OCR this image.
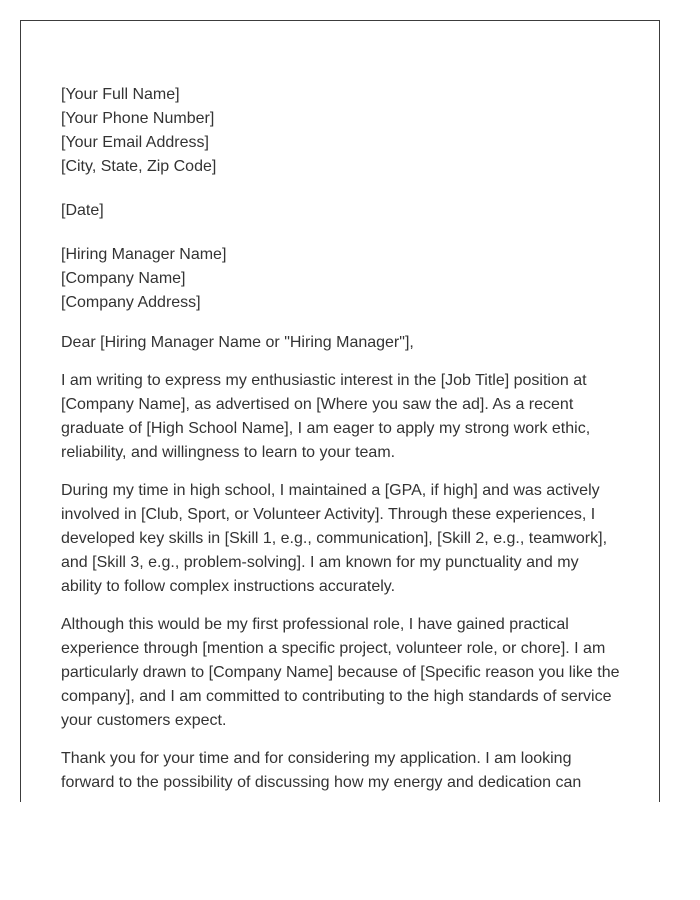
[Your Full Name]
[Your Phone Number]
[Your Email Address]
[City, State, Zip Code]
[Date]
[Hiring Manager Name]
[Company Name]
[Company Address]
Dear [Hiring Manager Name or "Hiring Manager"],
I am writing to express my enthusiastic interest in the [Job Title] position at
[Company Name], as advertised on [Where you saw the ad]. As a recent
graduate of [High School Name], I am eager to apply my strong work ethic,
reliability, and willingness to learn to your team.
During my time in high school, I maintained a [GPA, if high] and was actively
involved in [Club, Sport, or Volunteer Activity]. Through these experiences, I
developed key skills in [Skill 1, e.g., communication], [Skill 2, e.g., teamwork],
and [Skill 3, e.g., problem-solving]. I am known for my punctuality and my
ability to follow complex instructions accurately.
Although this would be my first professional role, I have gained practical
experience through [mention a specific project, volunteer role, or chore]. I am
particularly drawn to [Company Name] because of [Specific reason you like the
company], and I am committed to contributing to the high standards of service
your customers expect.
Thank you for your time and for considering my application. I am looking
forward to the possibility of discussing how my energy and dedication can
